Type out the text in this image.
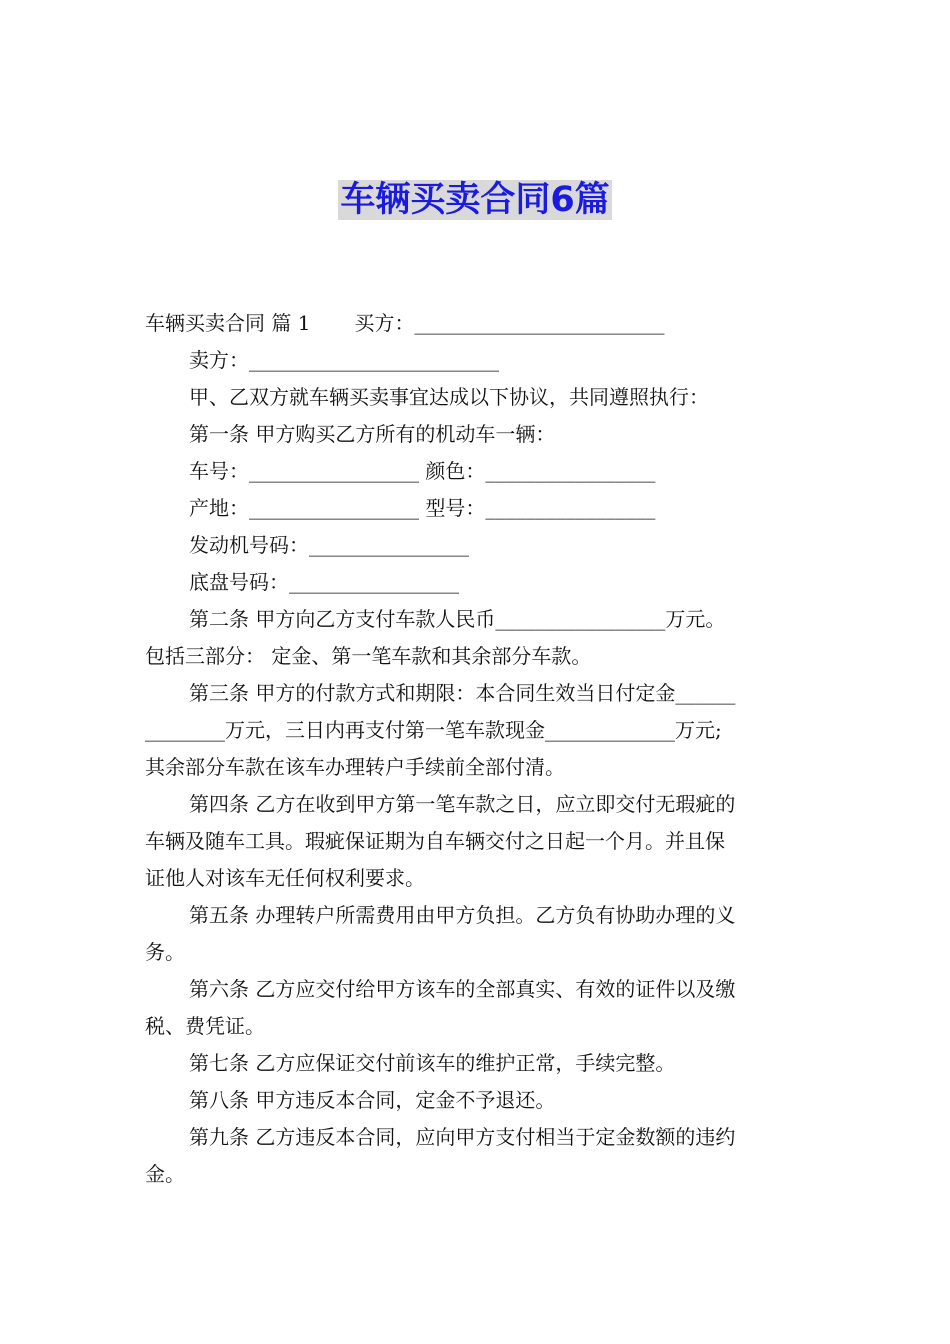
车辆买卖合同6篇

车辆买卖合同 篇 1 买方：_________________________

卖方：_________________________

甲、乙双方就车辆买卖事宜达成以下协议，共同遵照执行：

第一条 甲方购买乙方所有的机动车一辆：

车号：_________________ 颜色：_________________

产地：_________________ 型号：_________________

发动机号码：________________

底盘号码：_________________

第二条 甲方向乙方支付车款人民币_________________万元。

包括三部分： 定金、第一笔车款和其余部分车款。

第三条 甲方的付款方式和期限：本合同生效当日付定金______

________万元，三日内再支付第一笔车款现金_____________万元;

其余部分车款在该车办理转户手续前全部付清。

第四条 乙方在收到甲方第一笔车款之日，应立即交付无瑕疵的

车辆及随车工具。瑕疵保证期为自车辆交付之日起一个月。并且保

证他人对该车无任何权利要求。

第五条 办理转户所需费用由甲方负担。乙方负有协助办理的义

务。

第六条 乙方应交付给甲方该车的全部真实、有效的证件以及缴

税、费凭证。

第七条 乙方应保证交付前该车的维护正常，手续完整。

第八条 甲方违反本合同，定金不予退还。

第九条 乙方违反本合同，应向甲方支付相当于定金数额的违约

金。
